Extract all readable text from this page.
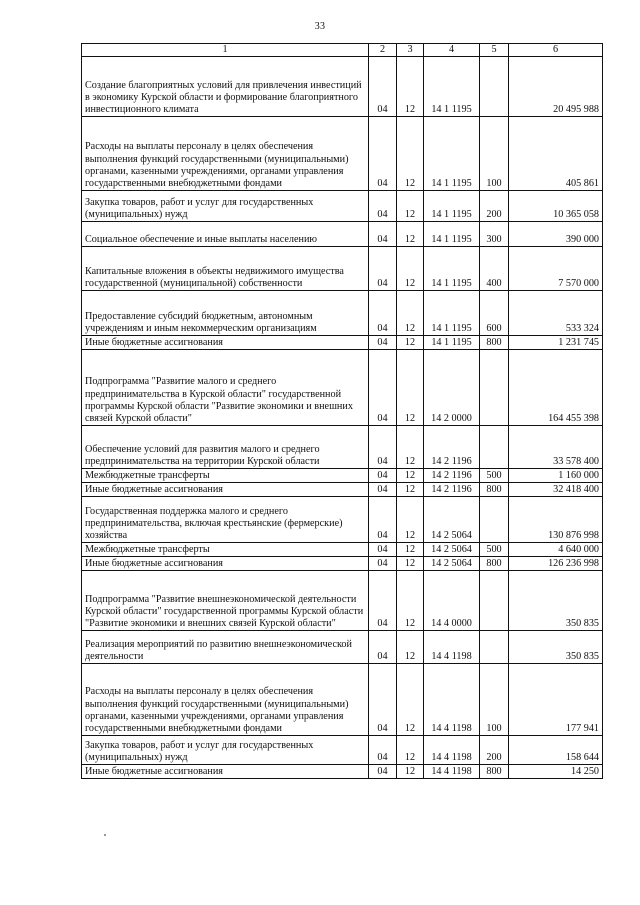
33
1	2	3	4	5	6
Создание благоприятных условий для привлечения инвестиций в экономику Курской области и формирование благоприятного инвестиционного климата	04	12	14 1 1195		20 495 988
Расходы на выплаты персоналу в целях обеспечения выполнения функций государственными (муниципальными) органами, казенными учреждениями, органами управления государственными внебюджетными фондами	04	12	14 1 1195	100	405 861
Закупка товаров, работ и услуг для государственных (муниципальных) нужд	04	12	14 1 1195	200	10 365 058
Социальное обеспечение и иные выплаты населению	04	12	14 1 1195	300	390 000
Капитальные вложения в объекты недвижимого имущества государственной (муниципальной) собственности	04	12	14 1 1195	400	7 570 000
Предоставление субсидий бюджетным, автономным учреждениям и иным некоммерческим организациям	04	12	14 1 1195	600	533 324
Иные бюджетные ассигнования	04	12	14 1 1195	800	1 231 745
Подпрограмма "Развитие малого и среднего предпринимательства в Курской области" государственной программы Курской области "Развитие экономики и внешних связей Курской области"	04	12	14 2 0000		164 455 398
Обеспечение условий для развития малого и среднего предпринимательства на территории Курской области	04	12	14 2 1196		33 578 400
Межбюджетные трансферты	04	12	14 2 1196	500	1 160 000
Иные бюджетные ассигнования	04	12	14 2 1196	800	32 418 400
Государственная поддержка малого и среднего предпринимательства, включая крестьянские (фермерские) хозяйства	04	12	14 2 5064		130 876 998
Межбюджетные трансферты	04	12	14 2 5064	500	4 640 000
Иные бюджетные ассигнования	04	12	14 2 5064	800	126 236 998
Подпрограмма "Развитие внешнеэкономической деятельности Курской области" государственной программы Курской области "Развитие экономики и внешних связей Курской области"	04	12	14 4 0000		350 835
Реализация мероприятий по развитию внешнеэкономической деятельности	04	12	14 4 1198		350 835
Расходы на выплаты персоналу в целях обеспечения выполнения функций государственными (муниципальными) органами, казенными учреждениями, органами управления государственными внебюджетными фондами	04	12	14 4 1198	100	177 941
Закупка товаров, работ и услуг для государственных (муниципальных) нужд	04	12	14 4 1198	200	158 644
Иные бюджетные ассигнования	04	12	14 4 1198	800	14 250
